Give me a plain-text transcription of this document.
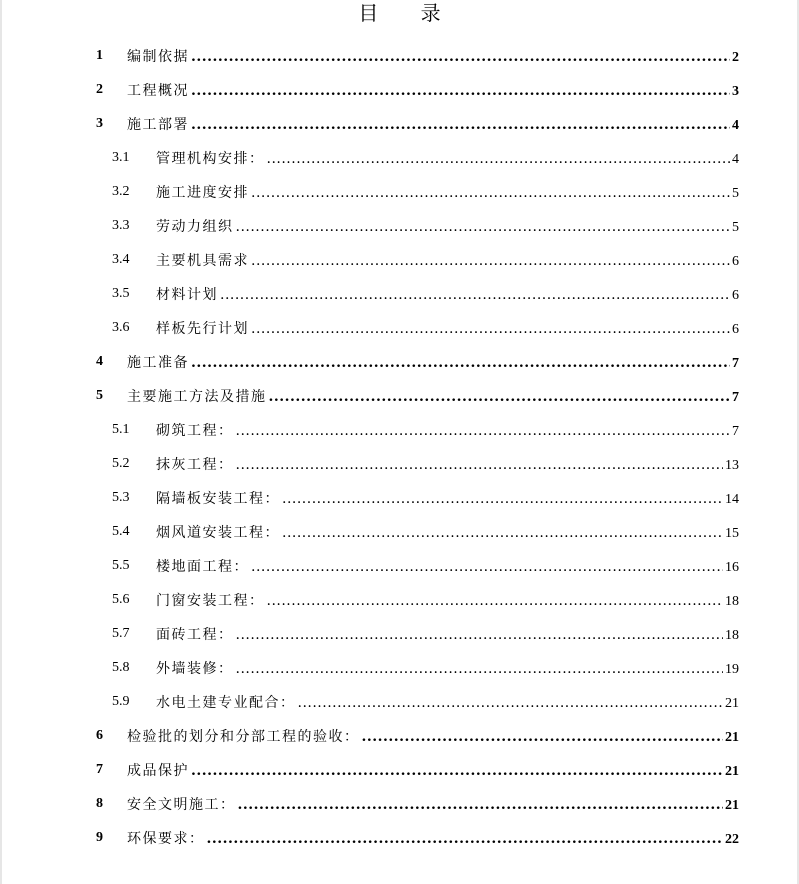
目 录
1 编制依据 .....	2
2 工程概况 .....	3
3 施工部署 .....	4
3.1 管理机构安排： .....	4
3.2 施工进度安排 .....	5
3.3 劳动力组织 .....	5
3.4 主要机具需求 .....	6
3.5 材料计划 .....	6
3.6 样板先行计划 .....	6
4 施工准备 .....	7
5 主要施工方法及措施 .....	7
5.1 砌筑工程： .....	7
5.2 抹灰工程： .....	13
5.3 隔墙板安装工程： .....	14
5.4 烟风道安装工程： .....	15
5.5 楼地面工程： .....	16
5.6 门窗安装工程： .....	18
5.7 面砖工程： .....	18
5.8 外墙装修： .....	19
5.9 水电土建专业配合： .....	21
6 检验批的划分和分部工程的验收： .....	21
7 成品保护 .....	21
8 安全文明施工： .....	21
9 环保要求： .....	22
